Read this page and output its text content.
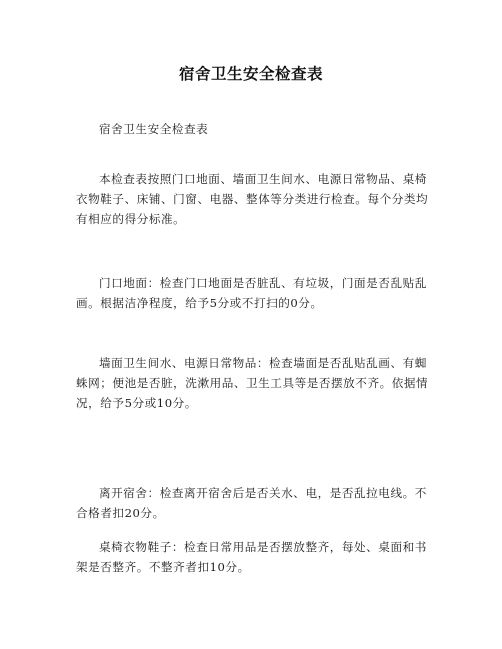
宿舍卫生安全检查表

宿舍卫生安全检查表

本检查表按照门口地面、墙面卫生间水、电源日常物品、桌椅衣物鞋子、床铺、门窗、电器、整体等分类进行检查。每个分类均有相应的得分标准。

门口地面：检查门口地面是否脏乱、有垃圾，门面是否乱贴乱画。根据洁净程度，给予5分或不打扫的0分。

墙面卫生间水、电源日常物品：检查墙面是否乱贴乱画、有蜘蛛网；便池是否脏，洗漱用品、卫生工具等是否摆放不齐。依据情况，给予5分或10分。

离开宿舍：检查离开宿舍后是否关水、电，是否乱拉电线。不合格者扣20分。

桌椅衣物鞋子：检查日常用品是否摆放整齐，每处、桌面和书架是否整齐。不整齐者扣10分。
